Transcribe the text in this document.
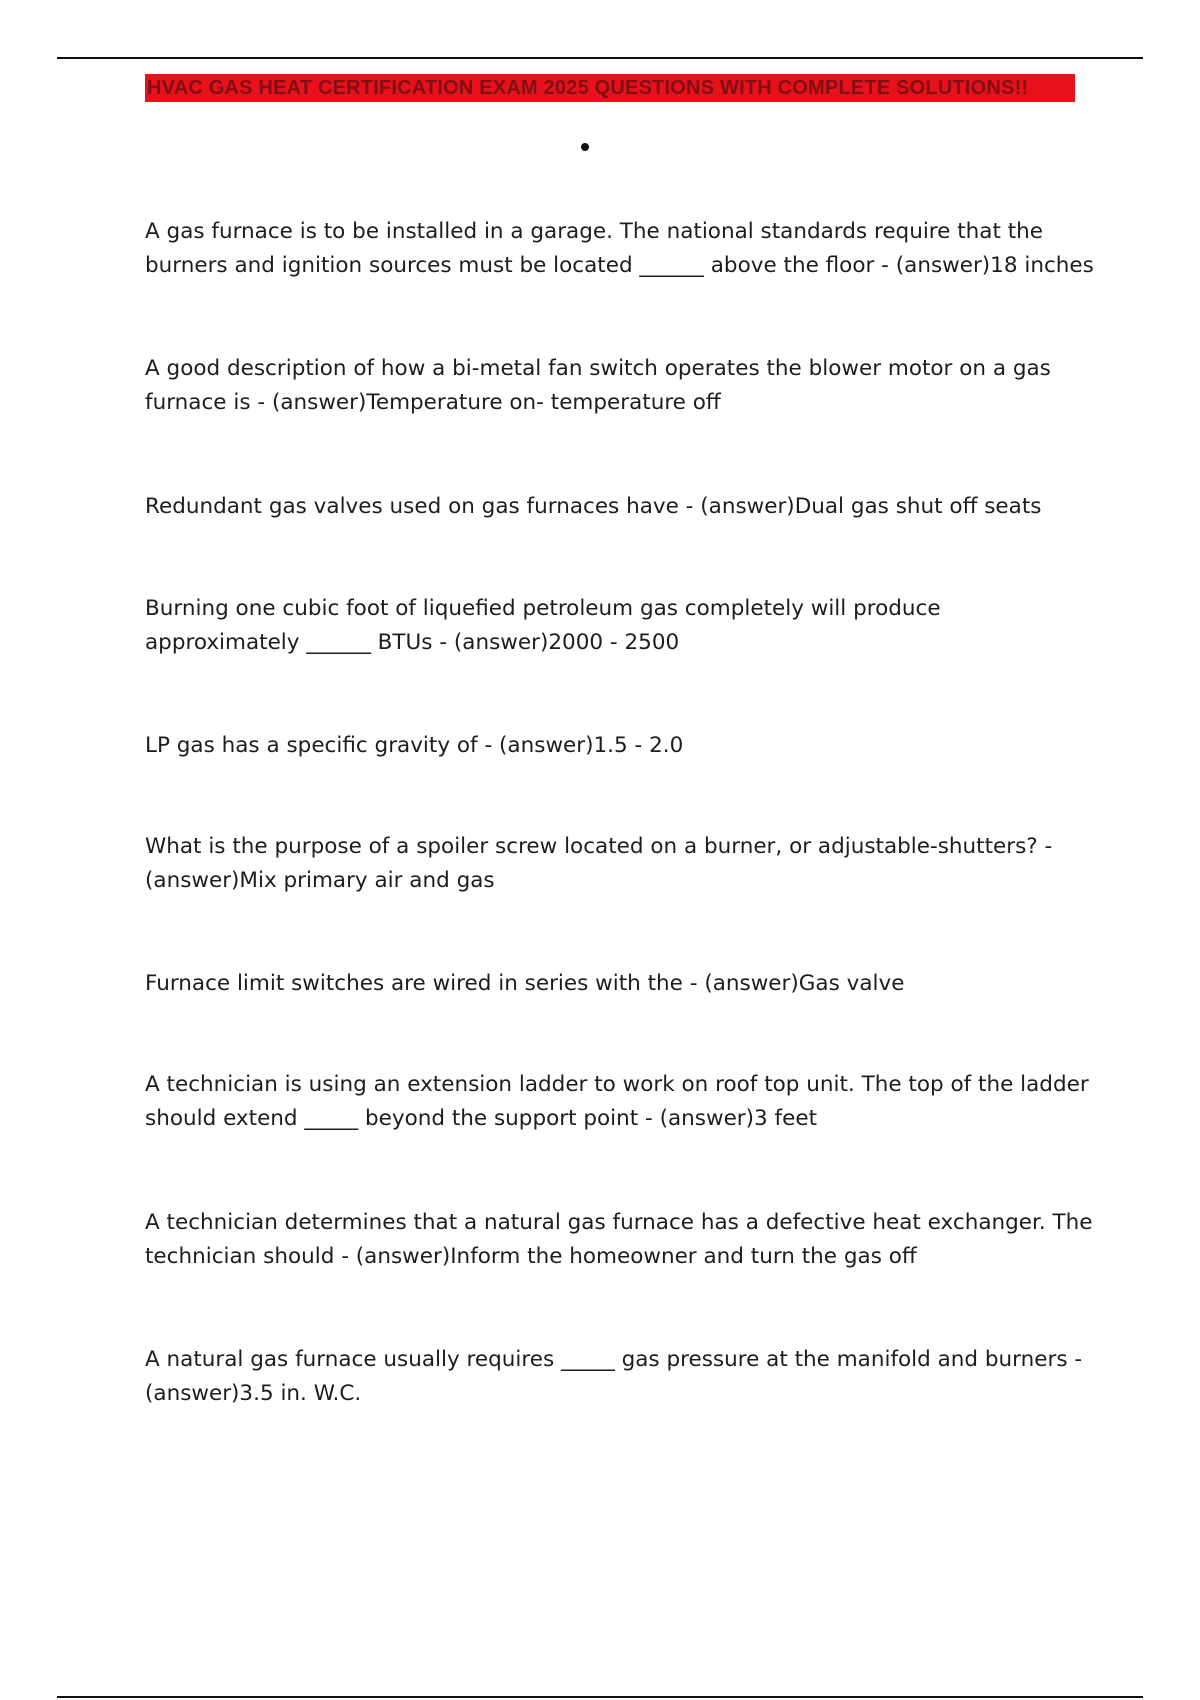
HVAC GAS HEAT CERTIFICATION EXAM 2025 QUESTIONS WITH COMPLETE SOLUTIONS!!
A gas furnace is to be installed in a garage. The national standards require that the
burners and ignition sources must be located ______ above the floor - (answer)18 inches
A good description of how a bi-metal fan switch operates the blower motor on a gas
furnace is - (answer)Temperature on- temperature off
Redundant gas valves used on gas furnaces have - (answer)Dual gas shut off seats
Burning one cubic foot of liquefied petroleum gas completely will produce
approximately ______ BTUs - (answer)2000 - 2500
LP gas has a specific gravity of - (answer)1.5 - 2.0
What is the purpose of a spoiler screw located on a burner, or adjustable-shutters? -
(answer)Mix primary air and gas
Furnace limit switches are wired in series with the - (answer)Gas valve
A technician is using an extension ladder to work on roof top unit. The top of the ladder
should extend _____ beyond the support point - (answer)3 feet
A technician determines that a natural gas furnace has a defective heat exchanger. The
technician should - (answer)Inform the homeowner and turn the gas off
A natural gas furnace usually requires _____ gas pressure at the manifold and burners -
(answer)3.5 in. W.C.
